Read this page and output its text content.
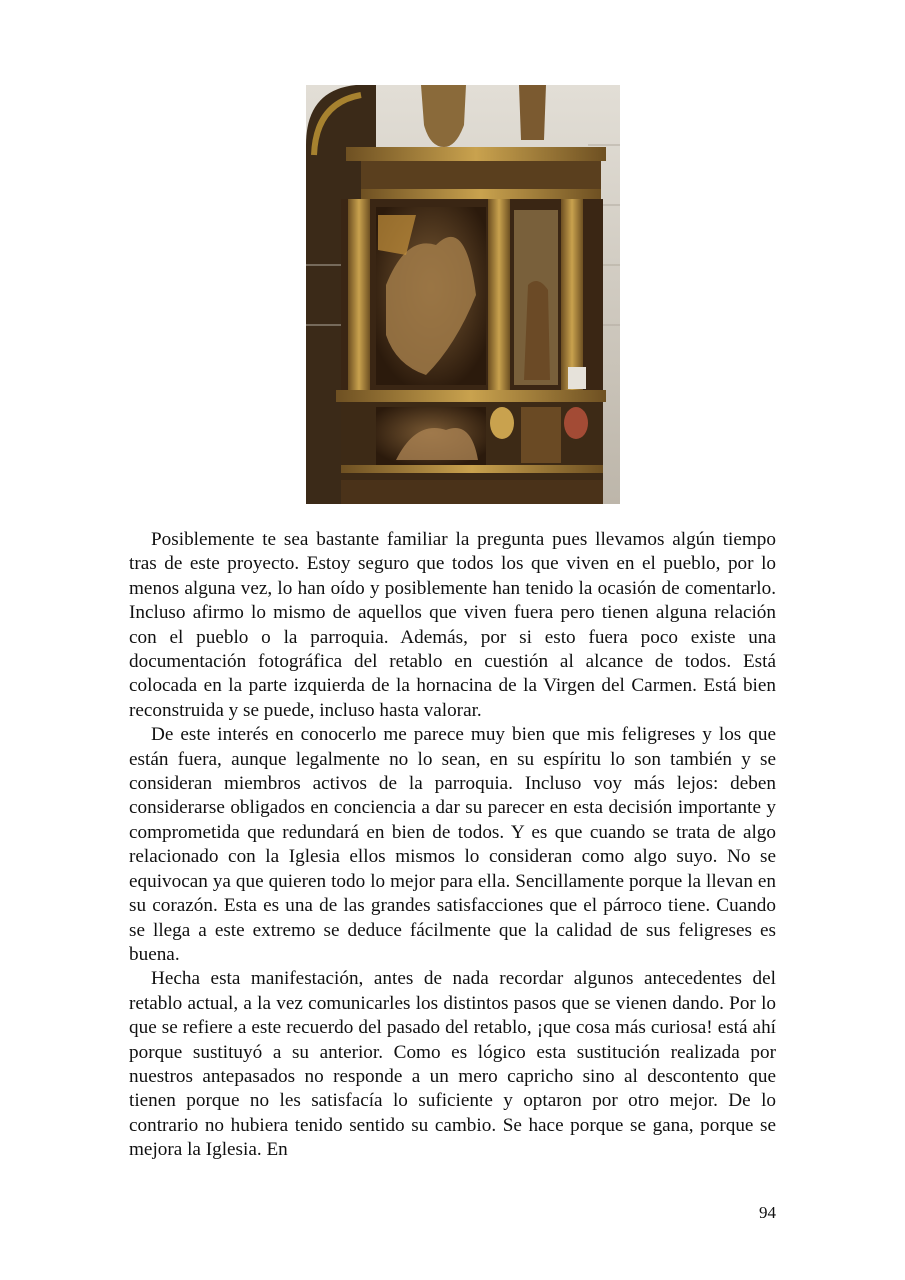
Posiblemente te sea bastante familiar la pregunta pues llevamos algún tiempo tras de este proyecto. Estoy seguro que todos los que viven en el pueblo, por lo menos alguna vez, lo han oído y posiblemente han tenido la ocasión de comentarlo. Incluso afirmo lo mismo de aquellos que viven fuera pero tienen alguna relación con el pueblo o la parroquia. Además, por si esto fuera poco existe una documentación fotográfica del retablo en cuestión al alcance de todos. Está colocada en la parte izquierda de la hornacina de la Virgen del Carmen. Está bien reconstruida y se puede, incluso hasta valorar.

De este interés en conocerlo me parece muy bien que mis feligreses y los que están fuera, aunque legalmente no lo sean, en su espíritu lo son también y se consideran miembros activos de la parroquia. Incluso voy más lejos: deben considerarse obligados en conciencia a dar su parecer en esta decisión importante y comprometida que redundará en bien de todos. Y es que cuando se trata de algo relacionado con la Iglesia ellos mismos lo consideran como algo suyo. No se equivocan ya que quieren todo lo mejor para ella. Sencillamente porque la llevan en su corazón. Esta es una de las grandes satisfacciones que el párroco tiene. Cuando se llega a este extremo se deduce fácilmente que la calidad de sus feligreses es buena.

Hecha esta manifestación, antes de nada recordar algunos antecedentes del retablo actual, a la vez comunicarles los distintos pasos que se vienen dando. Por lo que se refiere a este recuerdo del pasado del retablo, ¡que cosa más curiosa! está ahí porque sustituyó a su anterior. Como es lógico esta sustitución realizada por nuestros antepasados no responde a un mero capricho sino al descontento que tienen porque no les satisfacía lo suficiente y optaron por otro mejor. De lo contrario no hubiera tenido sentido su cambio. Se hace porque se gana, porque se mejora la Iglesia. En

94
